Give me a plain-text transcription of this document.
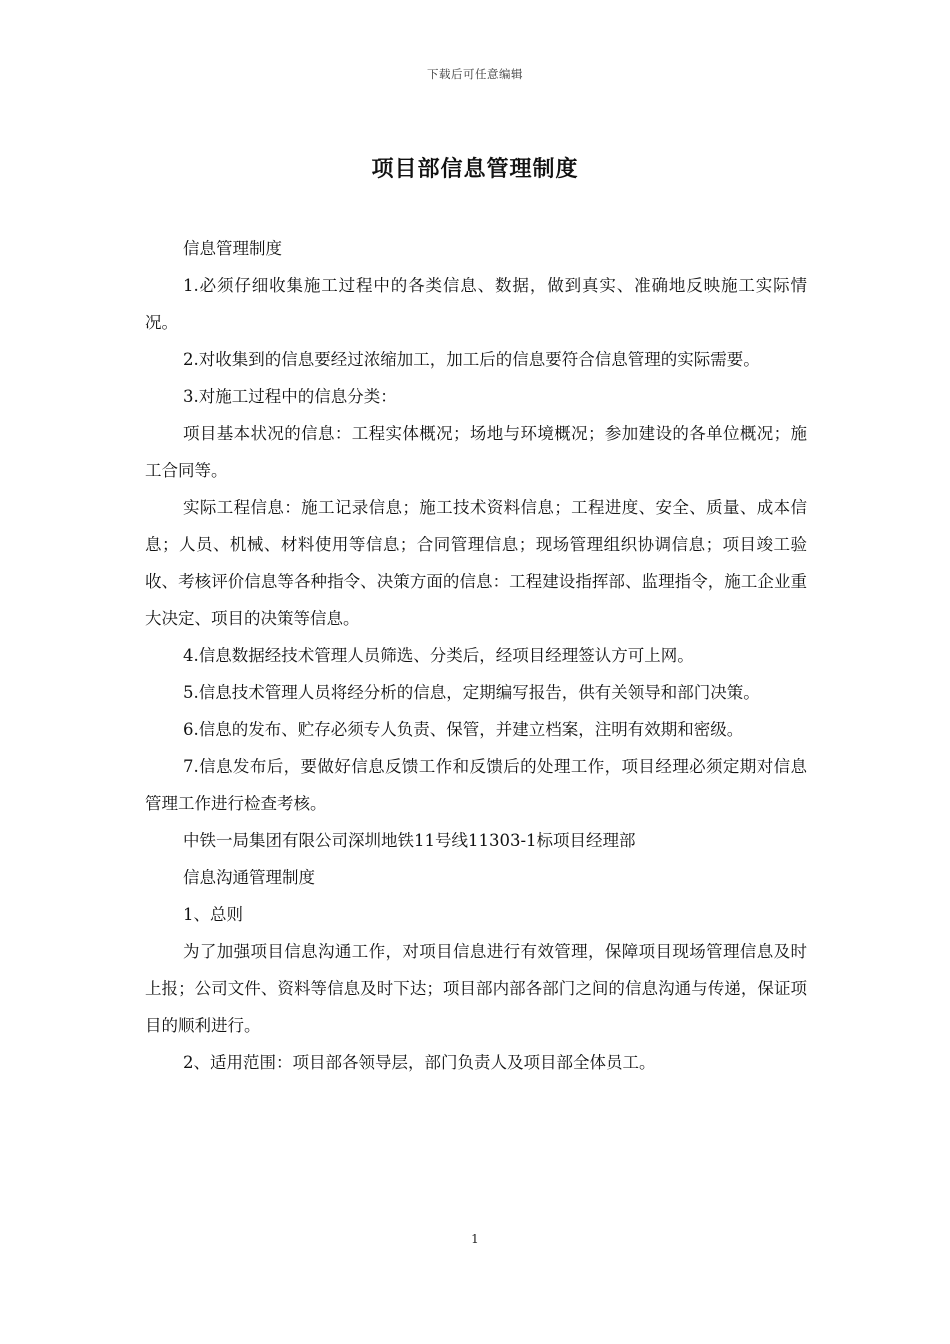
下载后可任意编辑
项目部信息管理制度

信息管理制度

1.必须仔细收集施工过程中的各类信息、数据，做到真实、准确地反映施工实际情况。

2.对收集到的信息要经过浓缩加工，加工后的信息要符合信息管理的实际需要。

3.对施工过程中的信息分类：

项目基本状况的信息：工程实体概况；场地与环境概况；参加建设的各单位概况；施工合同等。

实际工程信息：施工记录信息；施工技术资料信息；工程进度、安全、质量、成本信息；人员、机械、材料使用等信息；合同管理信息；现场管理组织协调信息；项目竣工验收、考核评价信息等各种指令、决策方面的信息：工程建设指挥部、监理指令，施工企业重大决定、项目的决策等信息。

4.信息数据经技术管理人员筛选、分类后，经项目经理签认方可上网。

5.信息技术管理人员将经分析的信息，定期编写报告，供有关领导和部门决策。

6.信息的发布、贮存必须专人负责、保管，并建立档案，注明有效期和密级。

7.信息发布后，要做好信息反馈工作和反馈后的处理工作，项目经理必须定期对信息管理工作进行检查考核。

中铁一局集团有限公司深圳地铁11号线11303-1标项目经理部

信息沟通管理制度

1、总则

为了加强项目信息沟通工作，对项目信息进行有效管理，保障项目现场管理信息及时上报；公司文件、资料等信息及时下达；项目部内部各部门之间的信息沟通与传递，保证项目的顺利进行。

2、适用范围：项目部各领导层，部门负责人及项目部全体员工。

1
